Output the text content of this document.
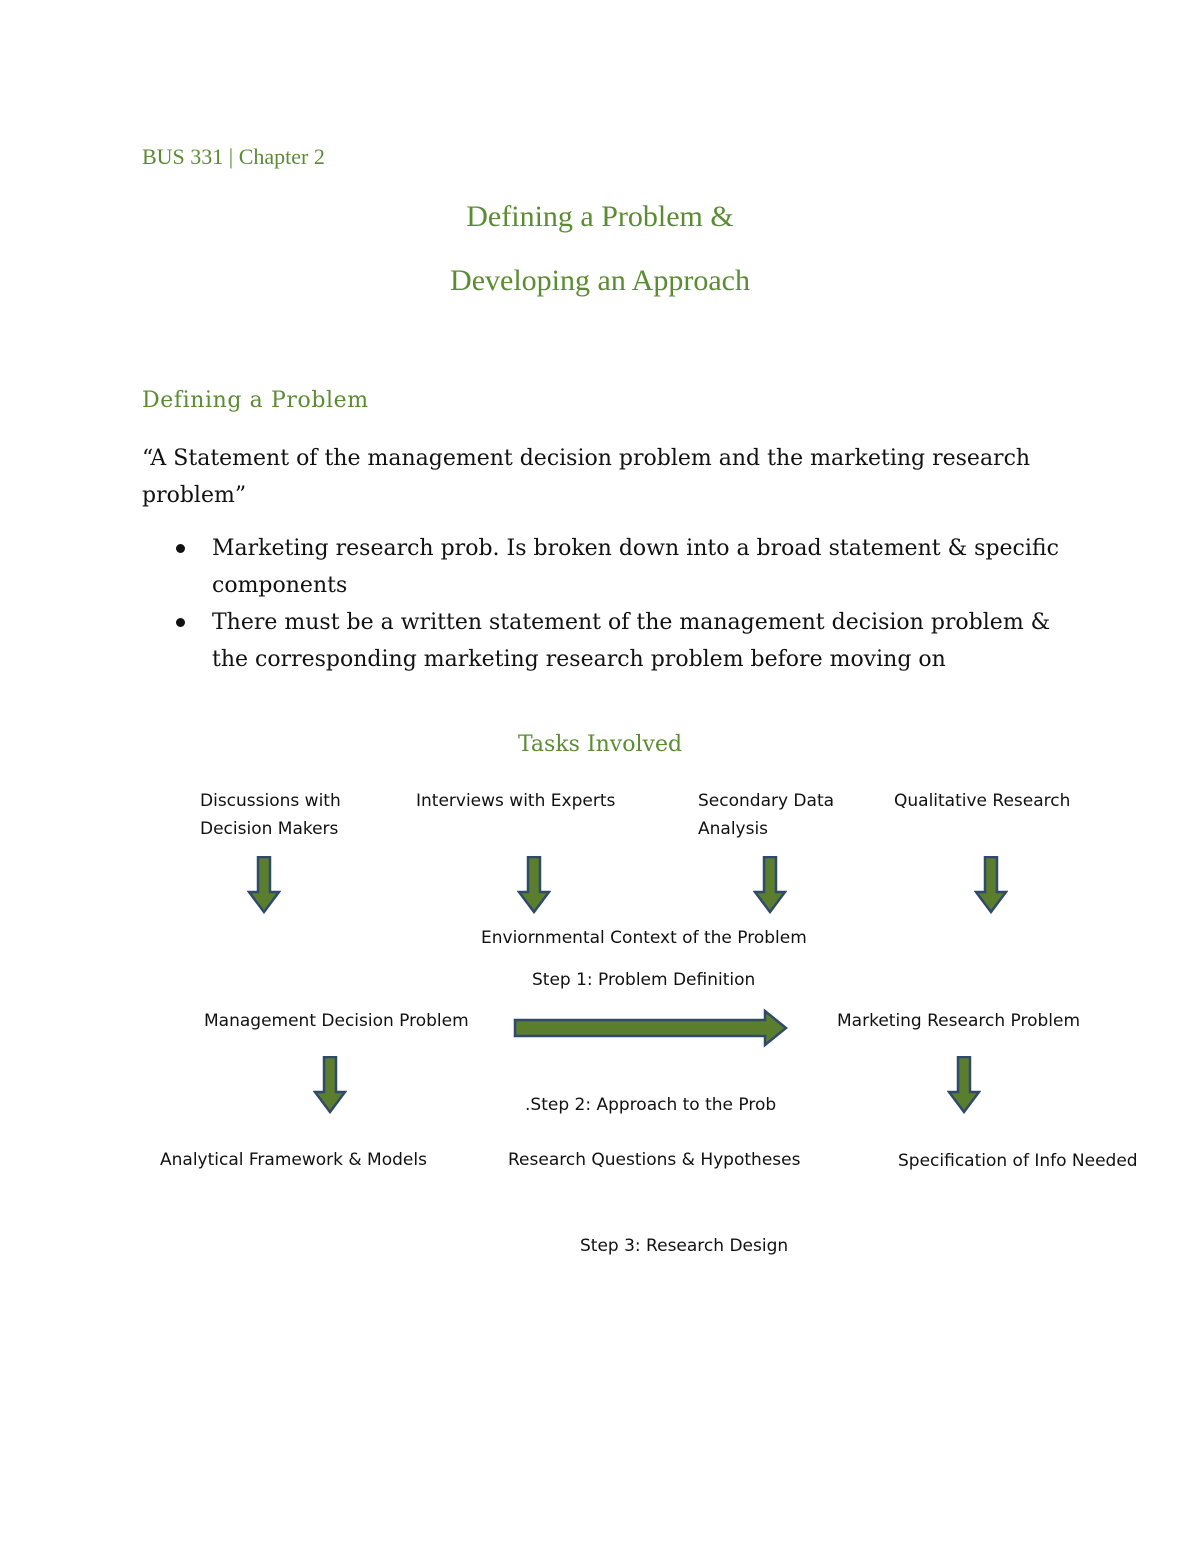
BUS 331 | Chapter 2
Defining a Problem &
Developing an Approach
Defining a Problem
“A Statement of the management decision problem and the marketing research problem”
Marketing research prob. Is broken down into a broad statement & specific components
There must be a written statement of the management decision problem & the corresponding marketing research problem before moving on
Tasks Involved
Discussions with
Decision Makers
Interviews with Experts	Secondary Data
Analysis
Qualitative Research
Enviornmental Context of the Problem
Step 1: Problem Definition
Management Decision Problem	Marketing Research Problem
.Step 2: Approach to the Prob
Analytical Framework & Models	Research Questions & Hypotheses	Specification of Info Needed
Step 3: Research Design
